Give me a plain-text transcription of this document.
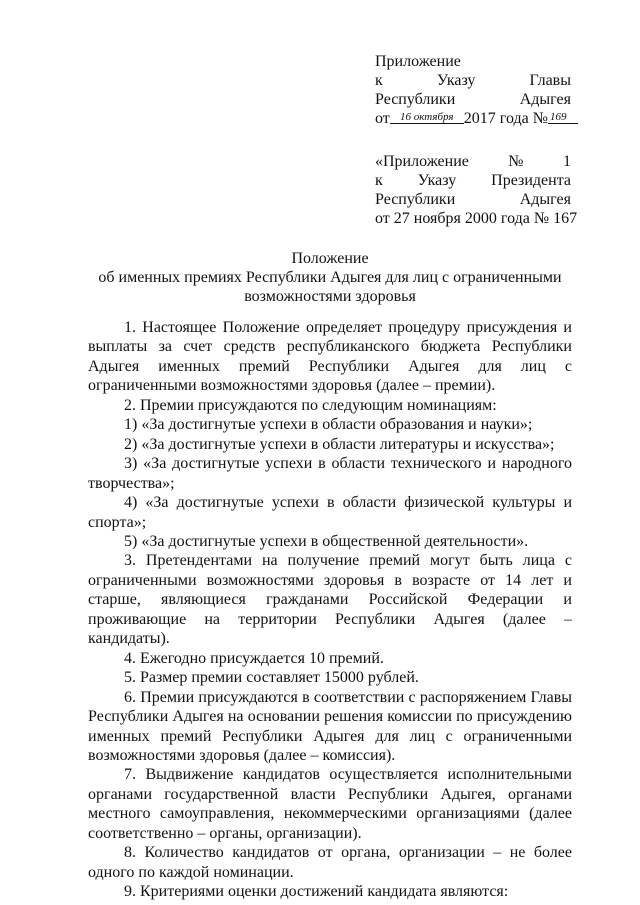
Приложение
к	Указу	Главы
Республики	Адыгея
от 16 октября 2017 года № 169
«Приложение № 1
к Указу Президента
Республики	Адыгея
от 27 ноября 2000 года № 167
Положение
об именных премиях Республики Адыгея для лиц с ограниченными
возможностями здоровья

1. Настоящее Положение определяет процедуру присуждения и выплаты за счет средств республиканского бюджета Республики Адыгея именных премий Республики Адыгея для лиц с ограниченными возможностями здоровья (далее – премии).

2. Премии присуждаются по следующим номинациям:

1) «За достигнутые успехи в области образования и науки»;

2) «За достигнутые успехи в области литературы и искусства»;

3) «За достигнутые успехи в области технического и народного творчества»;

4) «За достигнутые успехи в области физической культуры и спорта»;

5) «За достигнутые успехи в общественной деятельности».

3. Претендентами на получение премий могут быть лица с ограниченными возможностями здоровья в возрасте от 14 лет и старше, являющиеся гражданами Российской Федерации и проживающие на территории Республики Адыгея (далее – кандидаты).

4. Ежегодно присуждается 10 премий.

5. Размер премии составляет 15000 рублей.

6. Премии присуждаются в соответствии с распоряжением Главы Республики Адыгея на основании решения комиссии по присуждению именных премий Республики Адыгея для лиц с ограниченными возможностями здоровья (далее – комиссия).

7. Выдвижение кандидатов осуществляется исполнительными органами государственной власти Республики Адыгея, органами местного самоуправления, некоммерческими организациями (далее соответственно – органы, организации).

8. Количество кандидатов от органа, организации – не более одного по каждой номинации.

9. Критериями оценки достижений кандидата являются:
